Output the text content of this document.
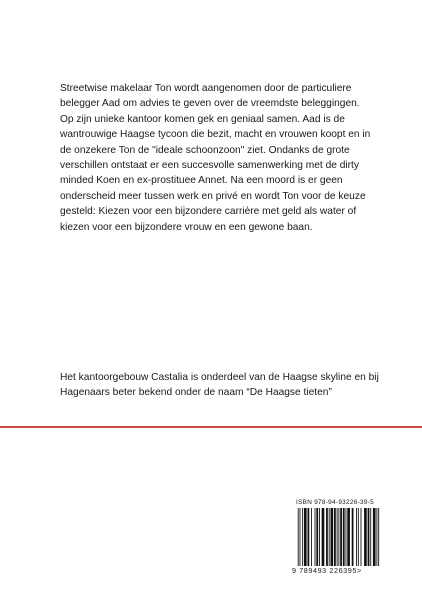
Streetwise makelaar Ton wordt aangenomen door de particuliere belegger Aad om advies te geven over de vreemdste beleggingen. Op zijn unieke kantoor komen gek en geniaal samen. Aad is de wantrouwige Haagse tycoon die bezit, macht en vrouwen koopt en in de onzekere Ton de "ideale schoonzoon" ziet. Ondanks de grote verschillen ontstaat er een succesvolle samenwerking met de dirty minded Koen en ex-prostituee Annet. Na een moord is er geen onderscheid meer tussen werk en privé en wordt Ton voor de keuze gesteld: Kiezen voor een bijzondere carrière met geld als water of kiezen voor een bijzondere vrouw en een gewone baan.

Het kantoorgebouw Castalia is onderdeel van de Haagse skyline en bij Hagenaars beter bekend onder de naam “De Haagse tieten”

ISBN 978-94-93226-39-5
9 789493 226395>
